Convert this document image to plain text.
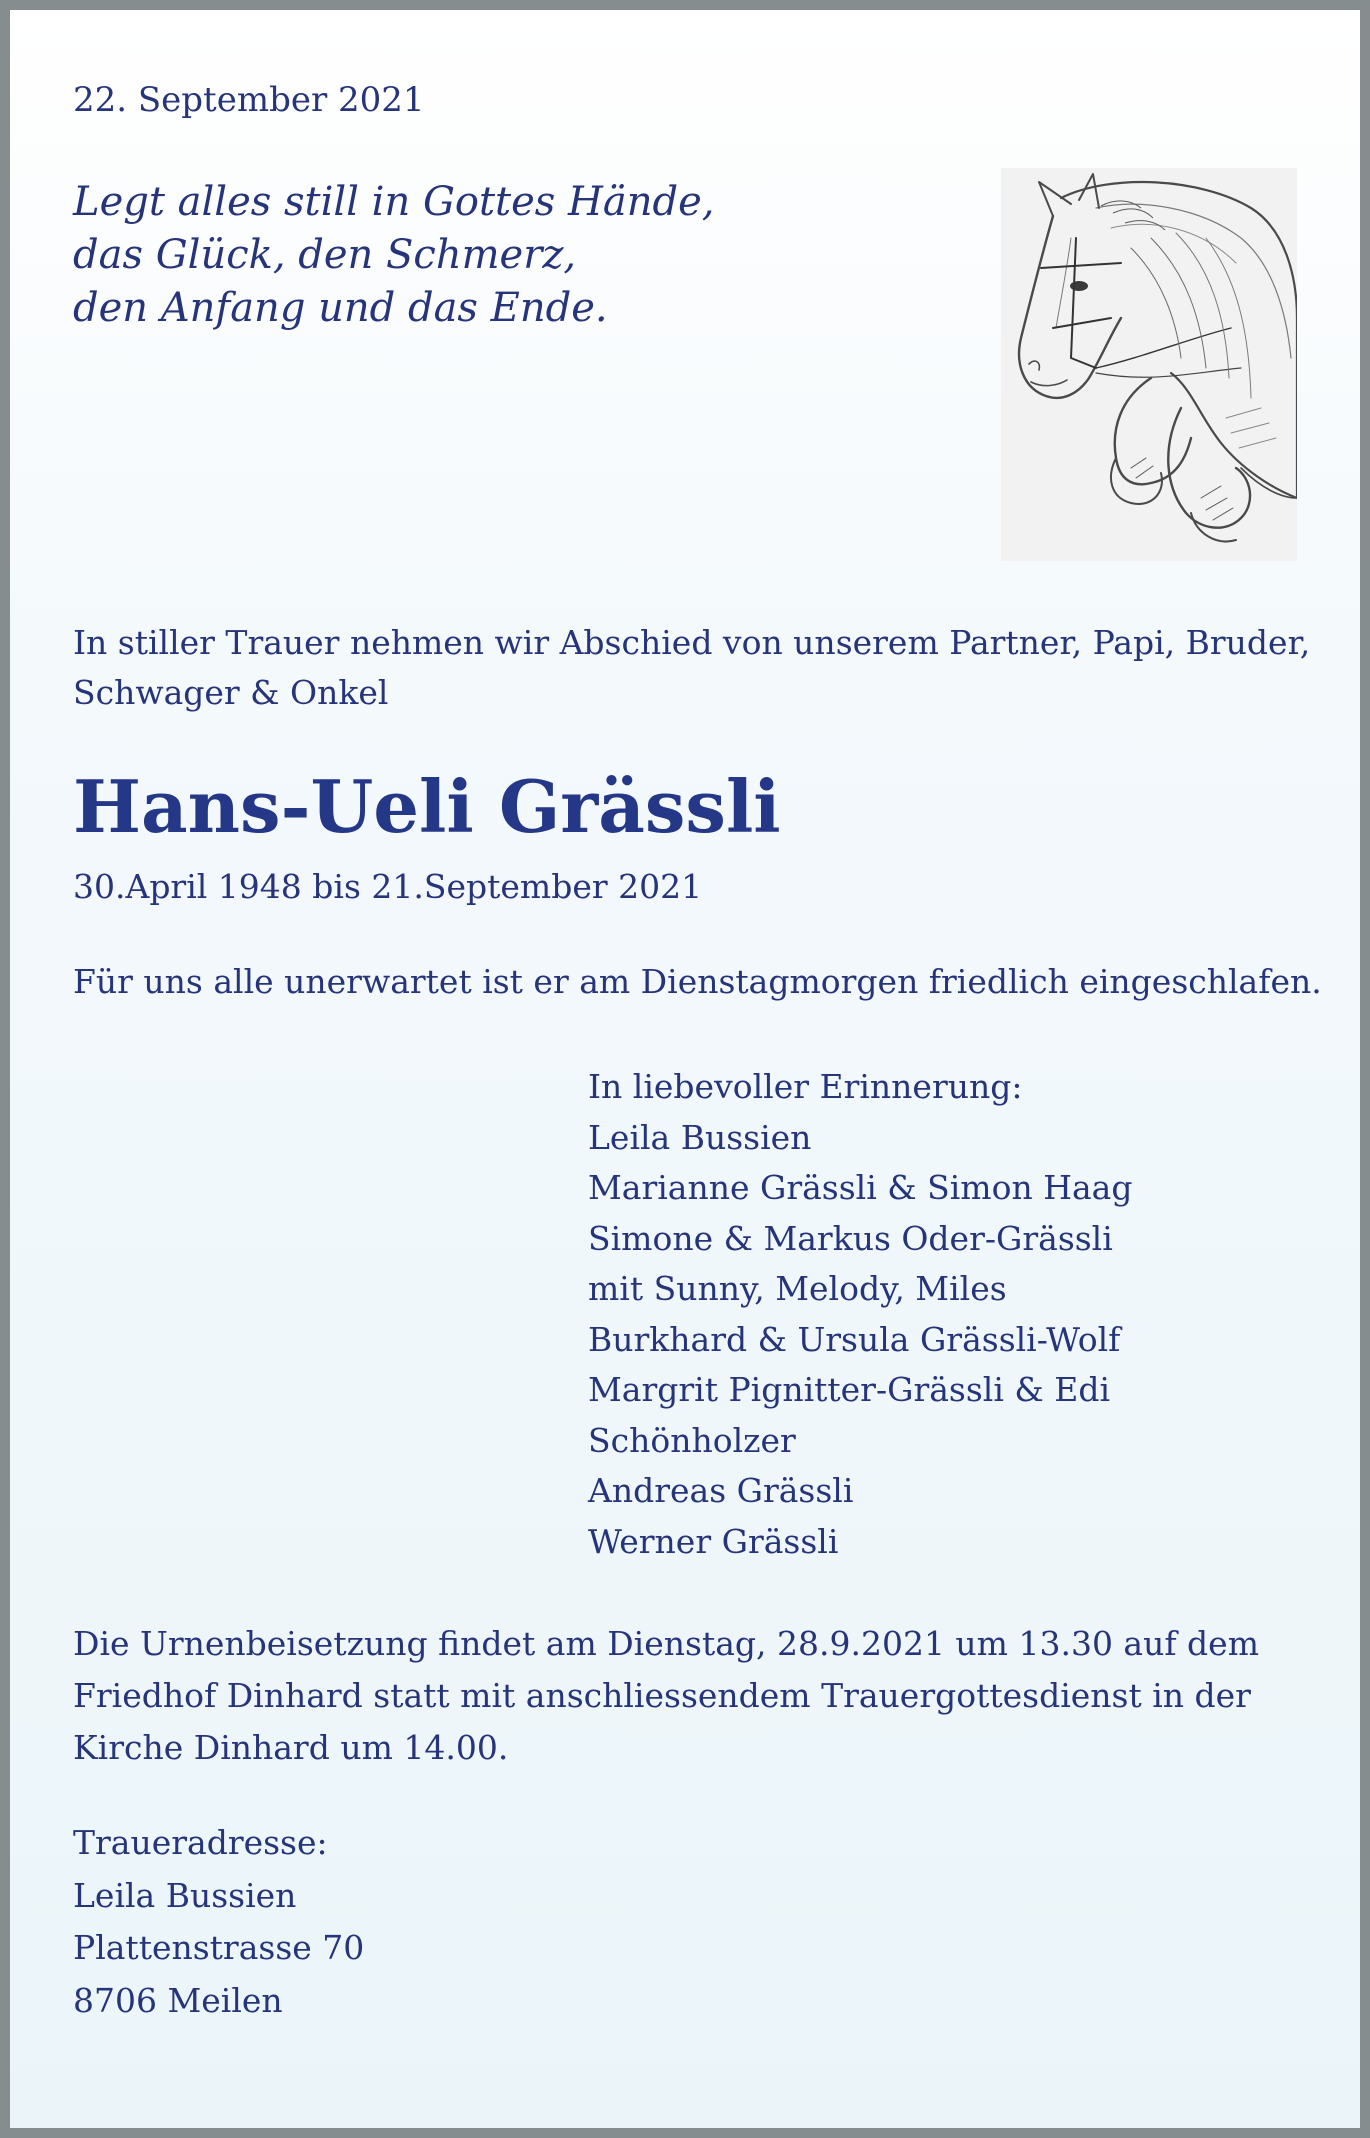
22. September 2021

Legt alles still in Gottes Hände,
das Glück, den Schmerz,
den Anfang und das Ende.
In stiller Trauer nehmen wir Abschied von unserem Partner, Papi, Bruder,
Schwager & Onkel
Hans-Ueli Grässli

30.April 1948 bis 21.September 2021

Für uns alle unerwartet ist er am Dienstagmorgen friedlich eingeschlafen.

In liebevoller Erinnerung:
Leila Bussien
Marianne Grässli & Simon Haag
Simone & Markus Oder-Grässli
mit Sunny, Melody, Miles
Burkhard & Ursula Grässli-Wolf
Margrit Pignitter-Grässli & Edi
Schönholzer
Andreas Grässli
Werner Grässli
Die Urnenbeisetzung findet am Dienstag, 28.9.2021 um 13.30 auf dem
Friedhof Dinhard statt mit anschliessendem Trauergottesdienst in der
Kirche Dinhard um 14.00.
Traueradresse:
Leila Bussien
Plattenstrasse 70
8706 Meilen
